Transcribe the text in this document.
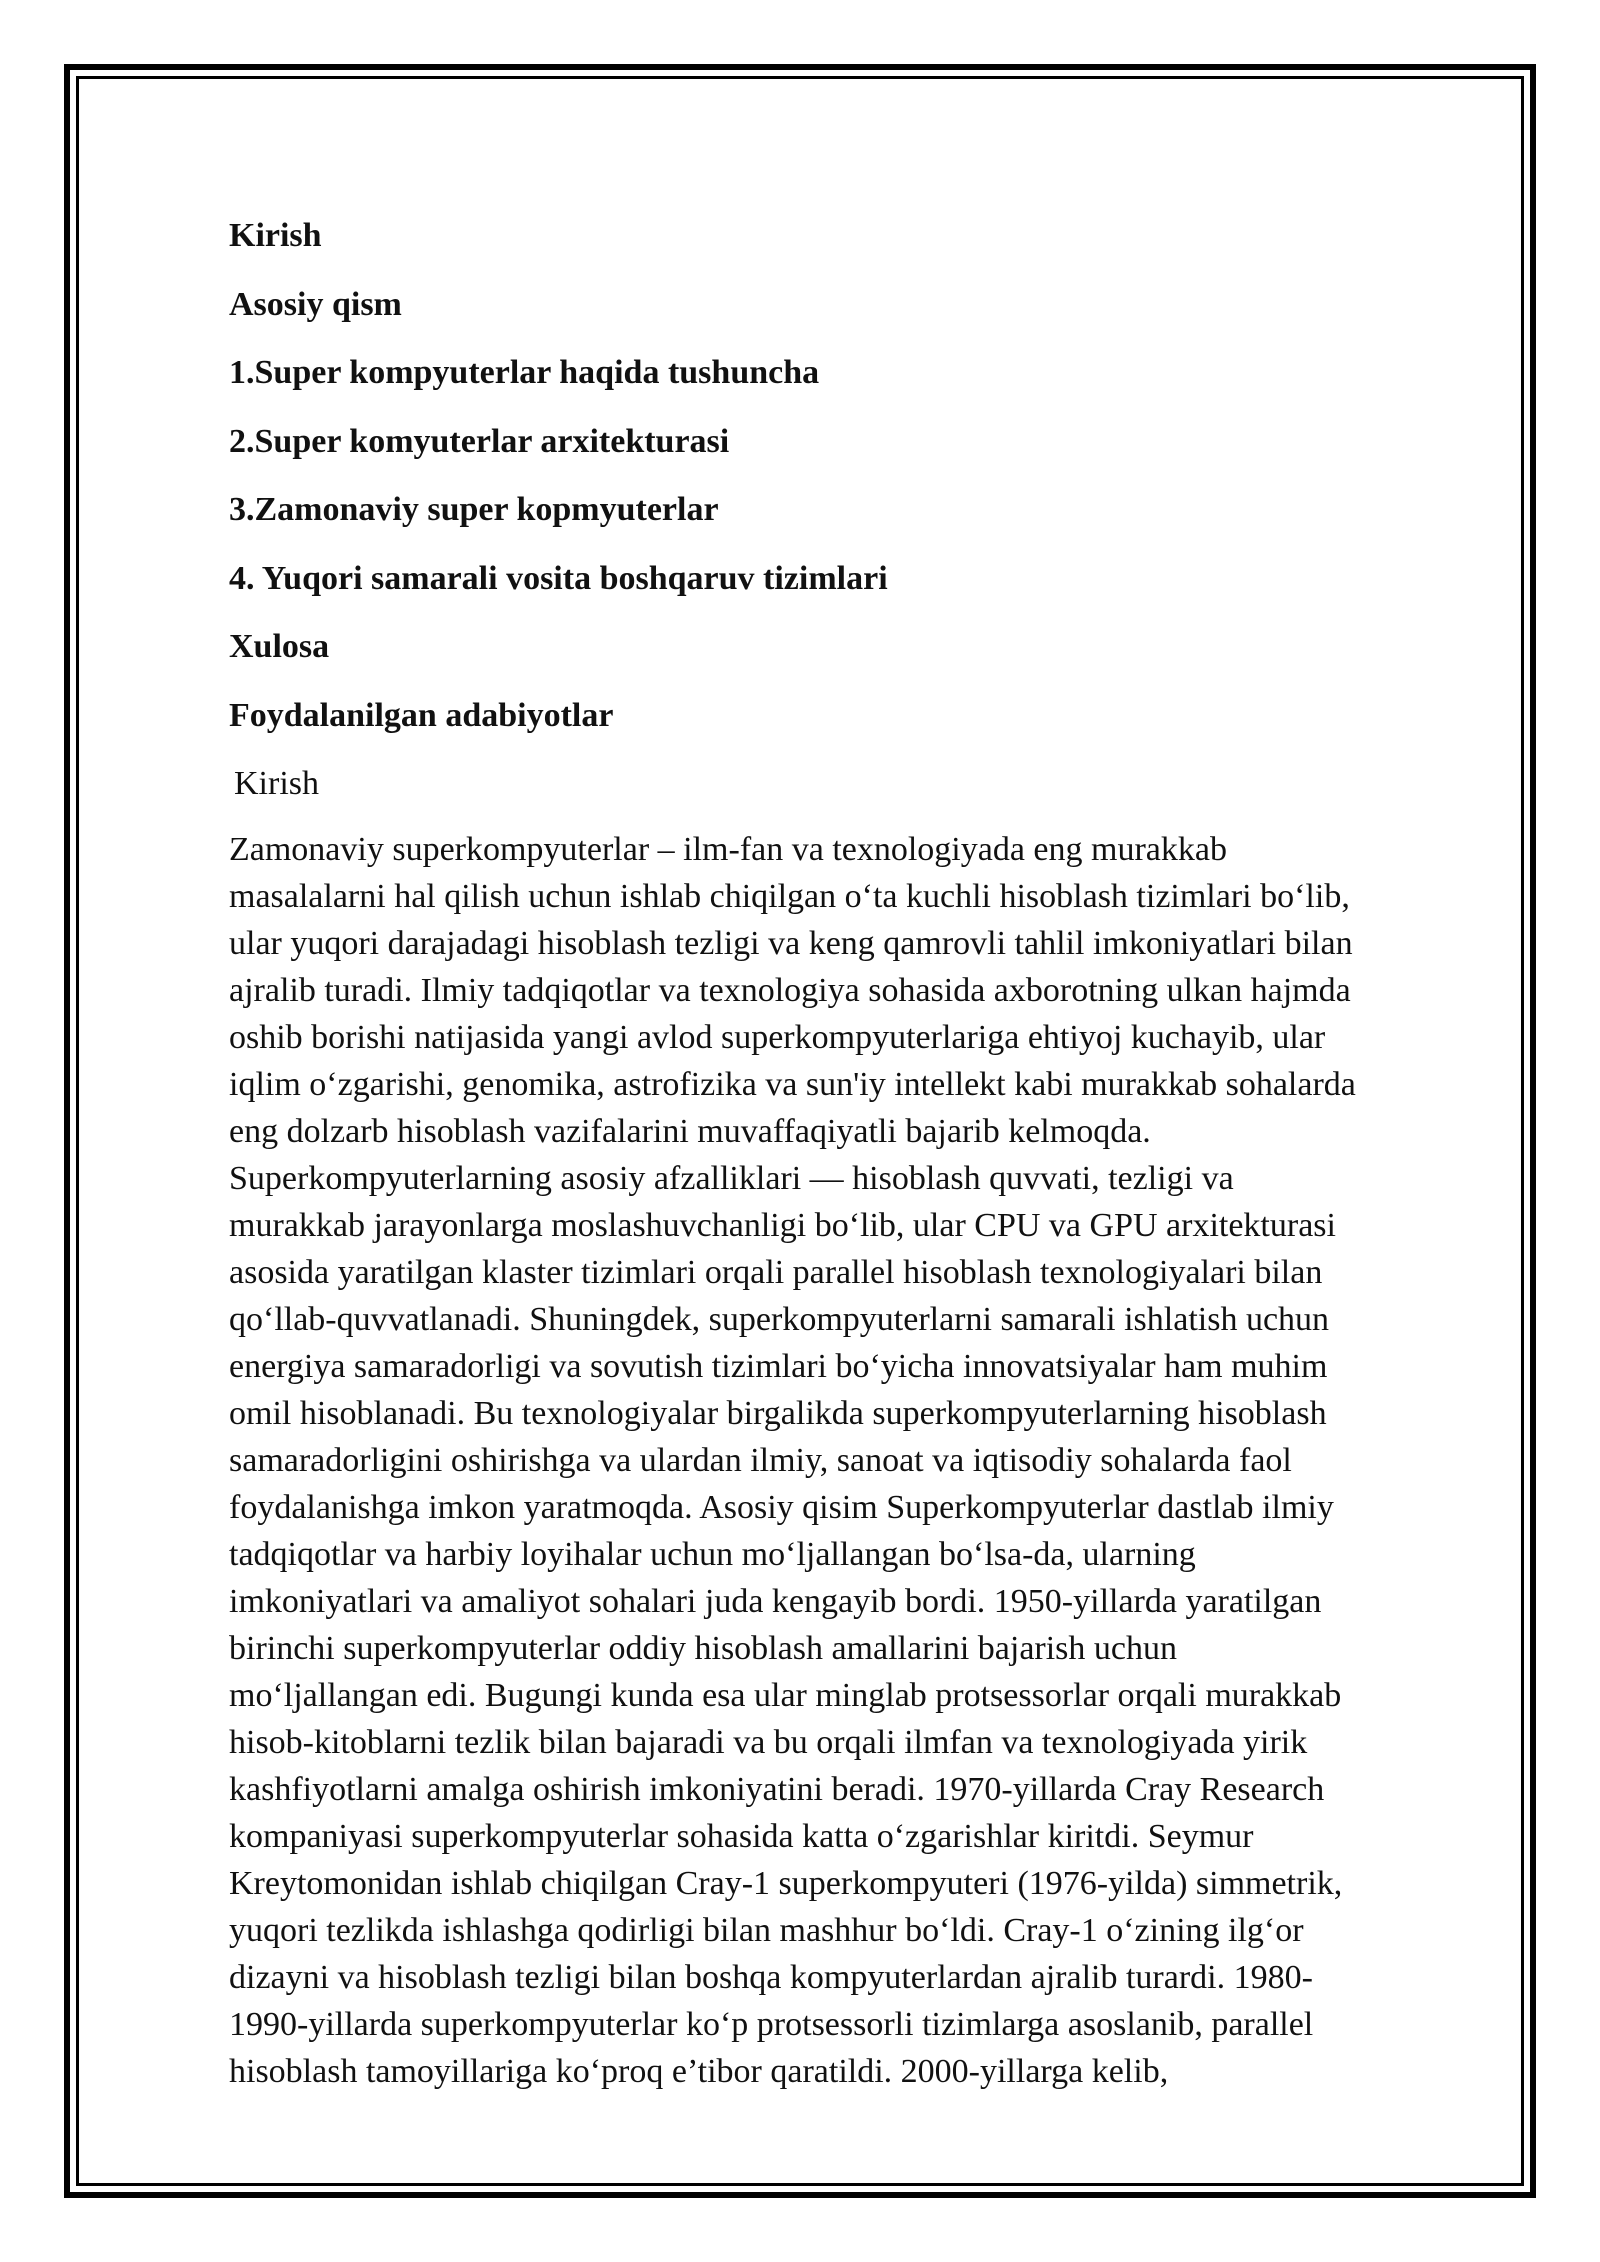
Kirish
Asosiy qism
1.Super kompyuterlar haqida tushuncha
2.Super komyuterlar arxitekturasi
3.Zamonaviy super kopmyuterlar
4. Yuqori samarali vosita boshqaruv tizimlari
Xulosa
Foydalanilgan adabiyotlar
Kirish
Zamonaviy superkompyuterlar – ilm-fan va texnologiyada eng murakkab
masalalarni hal qilish uchun ishlab chiqilgan o‘ta kuchli hisoblash tizimlari bo‘lib,
ular yuqori darajadagi hisoblash tezligi va keng qamrovli tahlil imkoniyatlari bilan
ajralib turadi. Ilmiy tadqiqotlar va texnologiya sohasida axborotning ulkan hajmda
oshib borishi natijasida yangi avlod superkompyuterlariga ehtiyoj kuchayib, ular
iqlim o‘zgarishi, genomika, astrofizika va sun'iy intellekt kabi murakkab sohalarda
eng dolzarb hisoblash vazifalarini muvaffaqiyatli bajarib kelmoqda.
Superkompyuterlarning asosiy afzalliklari — hisoblash quvvati, tezligi va
murakkab jarayonlarga moslashuvchanligi bo‘lib, ular CPU va GPU arxitekturasi
asosida yaratilgan klaster tizimlari orqali parallel hisoblash texnologiyalari bilan
qo‘llab-quvvatlanadi. Shuningdek, superkompyuterlarni samarali ishlatish uchun
energiya samaradorligi va sovutish tizimlari bo‘yicha innovatsiyalar ham muhim
omil hisoblanadi. Bu texnologiyalar birgalikda superkompyuterlarning hisoblash
samaradorligini oshirishga va ulardan ilmiy, sanoat va iqtisodiy sohalarda faol
foydalanishga imkon yaratmoqda. Asosiy qisim Superkompyuterlar dastlab ilmiy
tadqiqotlar va harbiy loyihalar uchun mo‘ljallangan bo‘lsa-da, ularning
imkoniyatlari va amaliyot sohalari juda kengayib bordi. 1950-yillarda yaratilgan
birinchi superkompyuterlar oddiy hisoblash amallarini bajarish uchun
mo‘ljallangan edi. Bugungi kunda esa ular minglab protsessorlar orqali murakkab
hisob-kitoblarni tezlik bilan bajaradi va bu orqali ilmfan va texnologiyada yirik
kashfiyotlarni amalga oshirish imkoniyatini beradi. 1970-yillarda Cray Research
kompaniyasi superkompyuterlar sohasida katta o‘zgarishlar kiritdi. Seymur
Kreytomonidan ishlab chiqilgan Cray-1 superkompyuteri (1976-yilda) simmetrik,
yuqori tezlikda ishlashga qodirligi bilan mashhur bo‘ldi. Cray-1 o‘zining ilg‘or
dizayni va hisoblash tezligi bilan boshqa kompyuterlardan ajralib turardi. 1980-
1990-yillarda superkompyuterlar ko‘p protsessorli tizimlarga asoslanib, parallel
hisoblash tamoyillariga ko‘proq e’tibor qaratildi. 2000-yillarga kelib,
